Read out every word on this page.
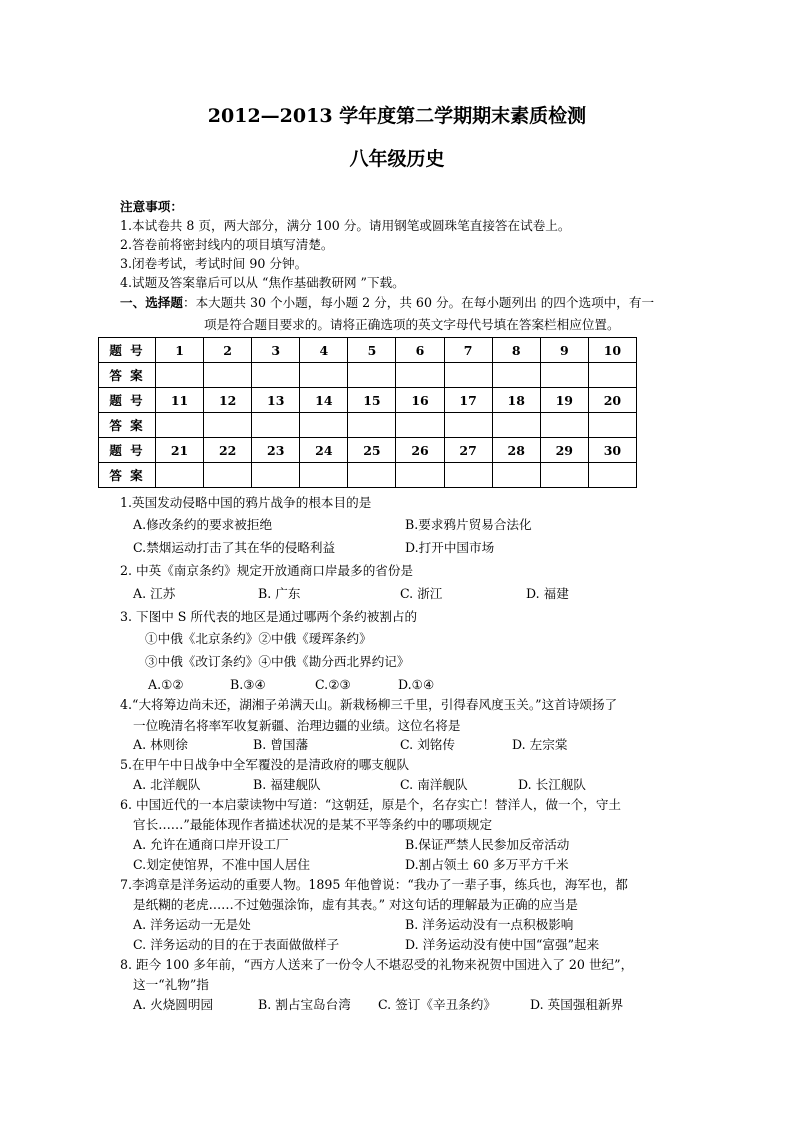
2012—2013 学年度第二学期期末素质检测
八年级历史
注意事项：
1.本试卷共 8 页，两大部分，满分 100 分。请用钢笔或圆珠笔直接答在试卷上。
2.答卷前将密封线内的项目填写清楚。
3.闭卷考试，考试时间 90 分钟。
4.试题及答案靠后可以从 “焦作基础教研网 ”下载。
一、选择题：本大题共 30 个小题，每小题 2 分，共 60 分。在每小题列出 的四个选项中，有一
项是符合题目要求的。请将正确选项的英文字母代号填在答案栏相应位置。
题 号	1	2	3	4	5	6	7	8	9	10
答 案										
题 号	11	12	13	14	15	16	17	18	19	20
答 案										
题 号	21	22	23	24	25	26	27	28	29	30
答 案										
1.英国发动侵略中国的鸦片战争的根本目的是
A.修改条约的要求被拒绝	B.要求鸦片贸易合法化
C.禁烟运动打击了其在华的侵略利益	D.打开中国市场
2. 中英《南京条约》规定开放通商口岸最多的省份是
A. 江苏	B. 广东	C. 浙江	D. 福建
3. 下图中 S 所代表的地区是通过哪两个条约被割占的
①中俄《北京条约》②中俄《瑷珲条约》
③中俄《改订条约》④中俄《勘分西北界约记》
A.①②	B.③④	C.②③	D.①④
4.“大将筹边尚未还，湖湘子弟满天山。新栽杨柳三千里，引得春风度玉关。”这首诗颂扬了
一位晚清名将率军收复新疆、治理边疆的业绩。这位名将是
A. 林则徐	B. 曾国藩	C. 刘铭传	D. 左宗棠
5.在甲午中日战争中全军覆没的是清政府的哪支舰队
A. 北洋舰队	B. 福建舰队	C. 南洋舰队	D. 长江舰队
6. 中国近代的一本启蒙读物中写道：“这朝廷，原是个，名存实亡！替洋人，做一个，守土
官长……”最能体现作者描述状况的是某不平等条约中的哪项规定
A. 允许在通商口岸开设工厂	B.保证严禁人民参加反帝活动
C.划定使馆界，不准中国人居住	D.割占领土 60 多万平方千米
7.李鸿章是洋务运动的重要人物。1895 年他曾说：“我办了一辈子事，练兵也，海军也，都
是纸糊的老虎……不过勉强涂饰，虚有其表。” 对这句话的理解最为正确的应当是
A. 洋务运动一无是处	B. 洋务运动没有一点积极影响
C. 洋务运动的目的在于表面做做样子	D. 洋务运动没有使中国“富强”起来
8. 距今 100 多年前，“西方人送来了一份令人不堪忍受的礼物来祝贺中国进入了 20 世纪”，
这一“礼物”指
A. 火烧圆明园	B. 割占宝岛台湾 C. 签订《辛丑条约》	D. 英国强租新界
